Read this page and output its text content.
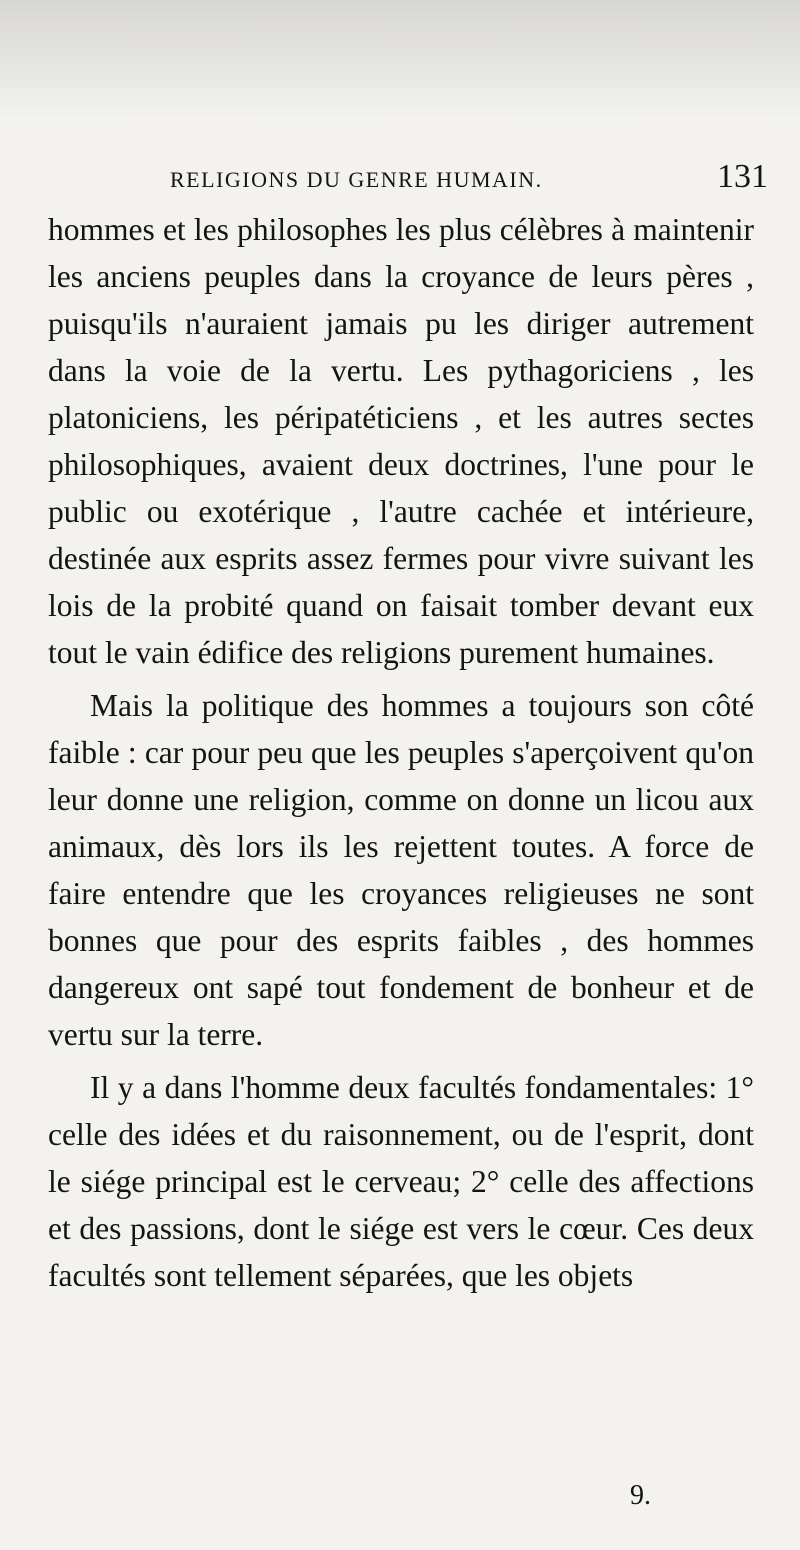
RELIGIONS DU GENRE HUMAIN.	131

hommes et les philosophes les plus célèbres à maintenir les anciens peuples dans la croyance de leurs pères , puisqu'ils n'auraient jamais pu les diriger autrement dans la voie de la vertu. Les pythagoriciens , les platoniciens, les péripatéticiens , et les autres sectes philosophiques, avaient deux doctrines, l'une pour le public ou exotérique , l'autre cachée et intérieure, destinée aux esprits assez fermes pour vivre suivant les lois de la probité quand on faisait tomber devant eux tout le vain édifice des religions purement humaines.

Mais la politique des hommes a toujours son côté faible : car pour peu que les peuples s'aperçoivent qu'on leur donne une religion, comme on donne un licou aux animaux, dès lors ils les rejettent toutes. A force de faire entendre que les croyances religieuses ne sont bonnes que pour des esprits faibles , des hommes dangereux ont sapé tout fondement de bonheur et de vertu sur la terre.

Il y a dans l'homme deux facultés fondamentales: 1° celle des idées et du raisonnement, ou de l'esprit, dont le siége principal est le cerveau; 2° celle des affections et des passions, dont le siége est vers le cœur. Ces deux facultés sont tellement séparées, que les objets

9.
